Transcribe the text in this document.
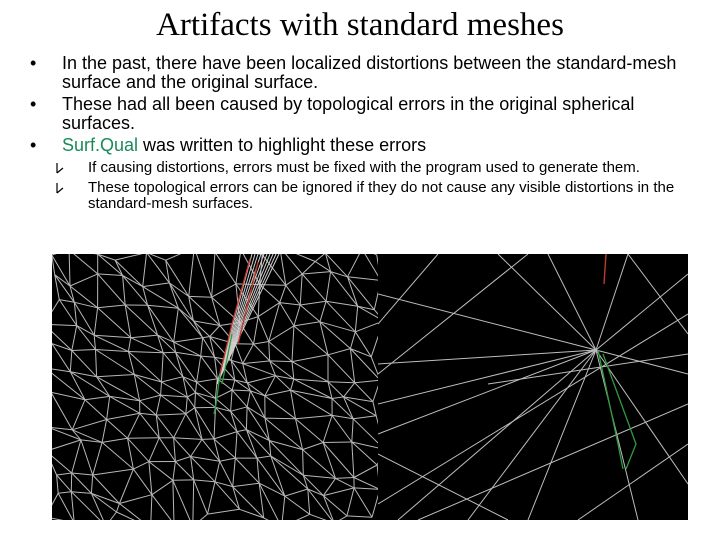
Artifacts with standard meshes
• In the past, there have been localized distortions between the standard-mesh surface and the original surface.
• These had all been caused by topological errors in the original spherical surfaces.
• Surf.Qual was written to highlight these errors
If causing distortions, errors must be fixed with the program used to generate them.
These topological errors can be ignored if they do not cause any visible distortions in the standard-mesh surfaces.
